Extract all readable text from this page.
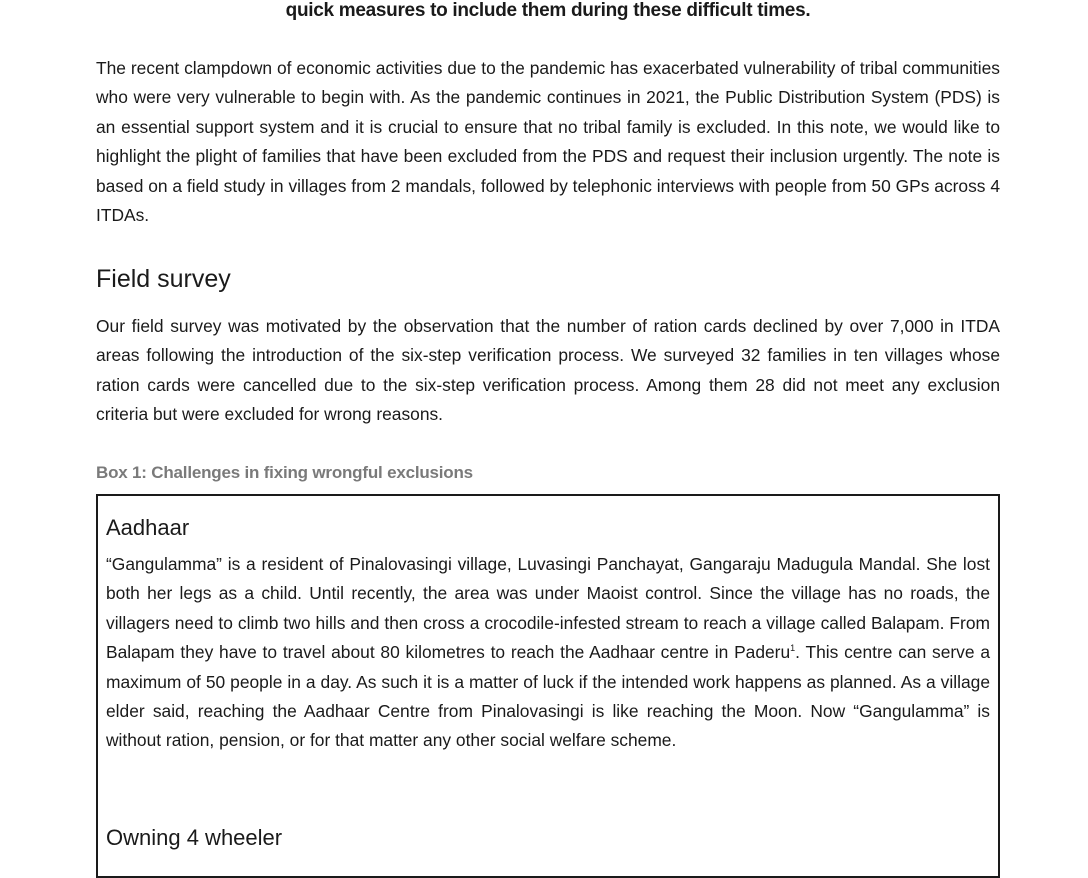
quick measures to include them during these difficult times.

The recent clampdown of economic activities due to the pandemic has exacerbated vulnerability of tribal communities who were very vulnerable to begin with. As the pandemic continues in 2021, the Public Distribution System (PDS) is an essential support system and it is crucial to ensure that no tribal family is excluded. In this note, we would like to highlight the plight of families that have been excluded from the PDS and request their inclusion urgently. The note is based on a field study in villages from 2 mandals, followed by telephonic interviews with people from 50 GPs across 4 ITDAs.

Field survey

Our field survey was motivated by the observation that the number of ration cards declined by over 7,000 in ITDA areas following the introduction of the six-step verification process. We surveyed 32 families in ten villages whose ration cards were cancelled due to the six-step verification process. Among them 28 did not meet any exclusion criteria but were excluded for wrong reasons.

Box 1: Challenges in fixing wrongful exclusions

Aadhaar

“Gangulamma” is a resident of Pinalovasingi village, Luvasingi Panchayat, Gangaraju Madugula Mandal. She lost both her legs as a child. Until recently, the area was under Maoist control. Since the village has no roads, the villagers need to climb two hills and then cross a crocodile-infested stream to reach a village called Balapam. From Balapam they have to travel about 80 kilometres to reach the Aadhaar centre in Paderu$^1$. This centre can serve a maximum of 50 people in a day. As such it is a matter of luck if the intended work happens as planned. As a village elder said, reaching the Aadhaar Centre from Pinalovasingi is like reaching the Moon. Now “Gangulamma” is without ration, pension, or for that matter any other social welfare scheme.

Owning 4 wheeler
